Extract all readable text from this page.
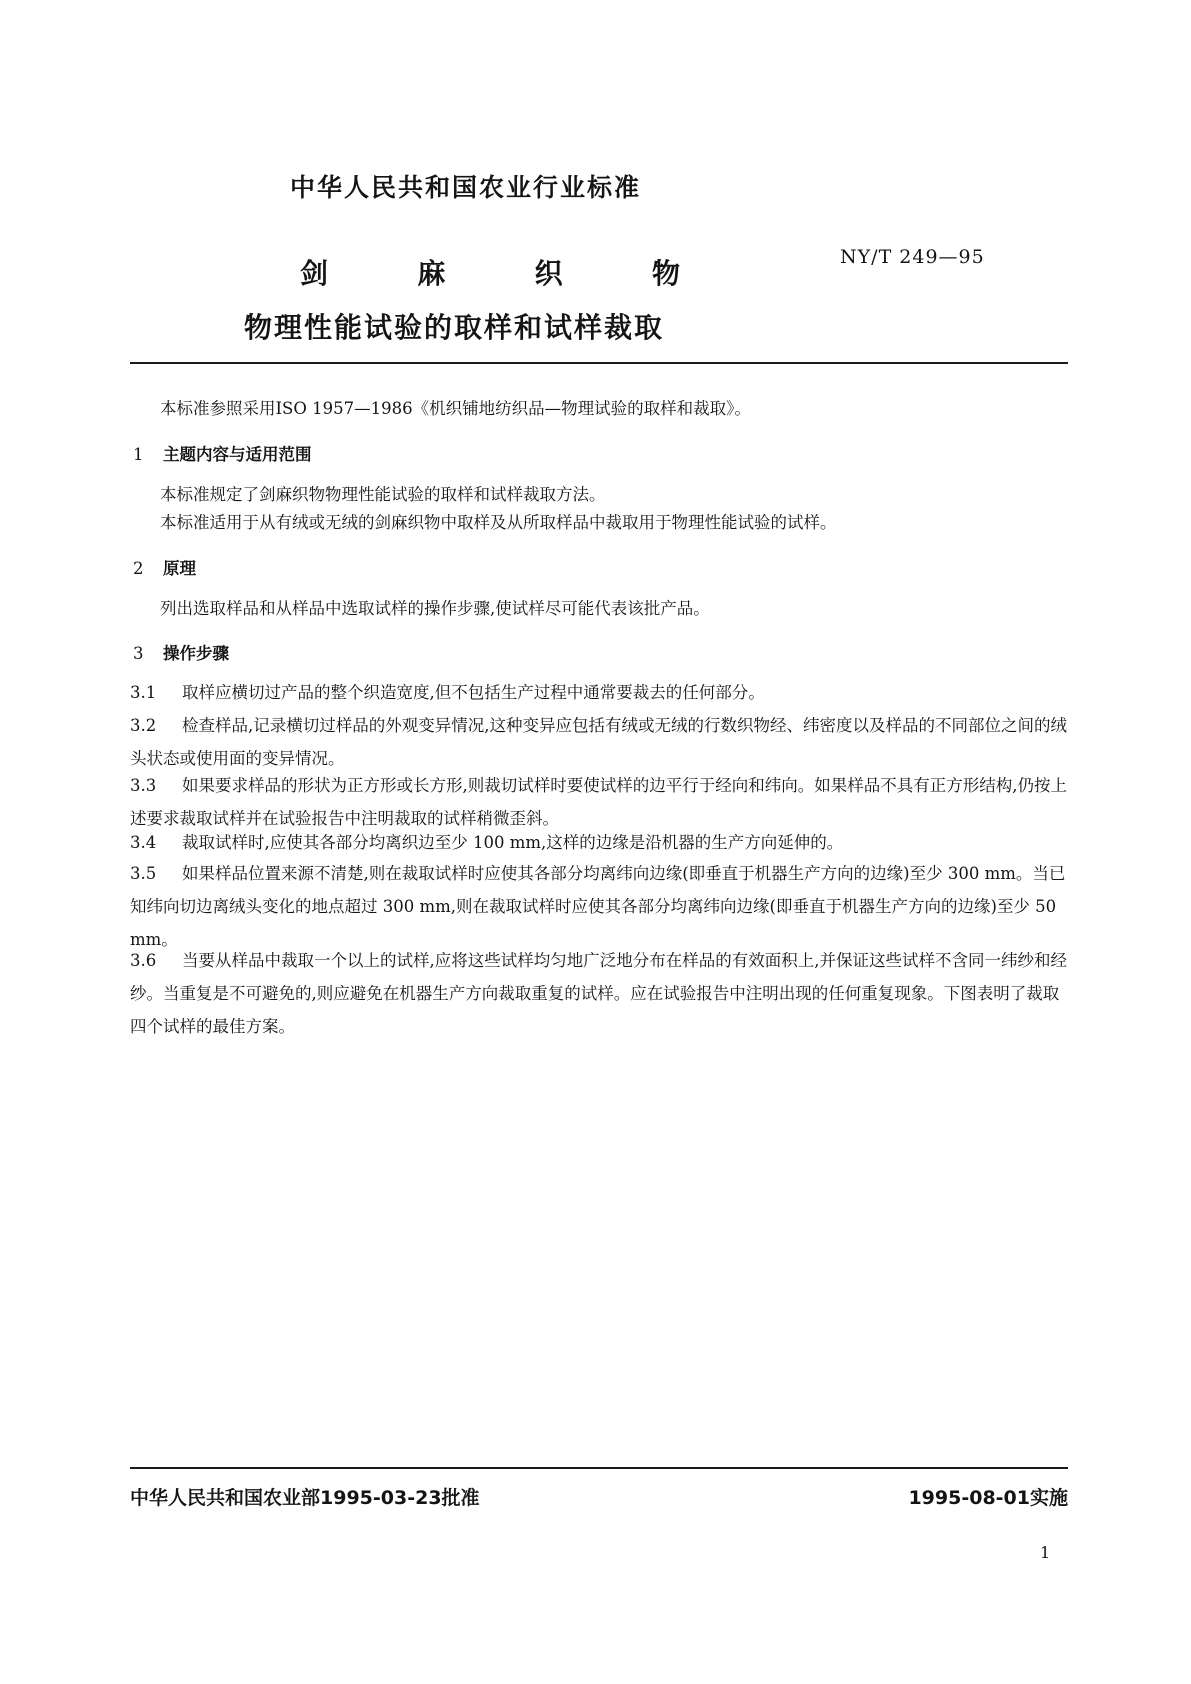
中华人民共和国农业行业标准
剑	麻	织	物	NY/T 249—95
物理性能试验的取样和试样裁取
本标准参照采用ISO 1957—1986《机织铺地纺织品—物理试验的取样和裁取》。
1 主题内容与适用范围
本标准规定了剑麻织物物理性能试验的取样和试样裁取方法。
本标准适用于从有绒或无绒的剑麻织物中取样及从所取样品中裁取用于物理性能试验的试样。
2 原理
列出选取样品和从样品中选取试样的操作步骤,使试样尽可能代表该批产品。
3 操作步骤
3.1 取样应横切过产品的整个织造宽度,但不包括生产过程中通常要裁去的任何部分。
3.2 检查样品,记录横切过样品的外观变异情况,这种变异应包括有绒或无绒的行数织物经、纬密度以及样品的不同部位之间的绒头状态或使用面的变异情况。
3.3 如果要求样品的形状为正方形或长方形,则裁切试样时要使试样的边平行于经向和纬向。如果样品不具有正方形结构,仍按上述要求裁取试样并在试验报告中注明裁取的试样稍微歪斜。
3.4 裁取试样时,应使其各部分均离织边至少 100 mm,这样的边缘是沿机器的生产方向延伸的。
3.5 如果样品位置来源不清楚,则在裁取试样时应使其各部分均离纬向边缘(即垂直于机器生产方向的边缘)至少 300 mm。当已知纬向切边离绒头变化的地点超过 300 mm,则在裁取试样时应使其各部分均离纬向边缘(即垂直于机器生产方向的边缘)至少 50 mm。
3.6 当要从样品中裁取一个以上的试样,应将这些试样均匀地广泛地分布在样品的有效面积上,并保证这些试样不含同一纬纱和经纱。当重复是不可避免的,则应避免在机器生产方向裁取重复的试样。应在试验报告中注明出现的任何重复现象。下图表明了裁取四个试样的最佳方案。
中华人民共和国农业部1995-03-23批准	1995-08-01实施
1
